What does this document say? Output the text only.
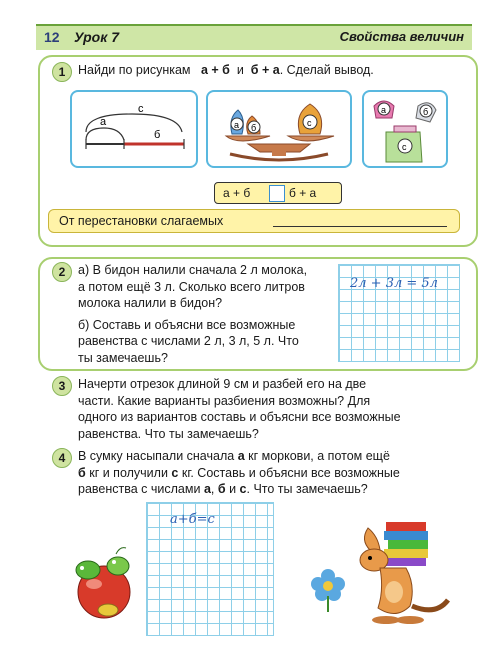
12 Урок 7	Свойства величин
1	Найди по рисункам а + б и б + а. Сделай вывод.
с
а
б
а б	с
а	б
с
а + б	б + а
От перестановки слагаемых
2	а) В бидон налили сначала 2 л молока,
а потом ещё 3 л. Сколько всего литров
молока налили в бидон?
б) Составь и объясни все возможные
равенства с числами 2 л, 3 л, 5 л. Что
ты замечаешь?
2л + 3л = 5л
3	Начерти отрезок длиной 9 см и разбей его на две
части. Какие варианты разбиения возможны? Для
одного из вариантов составь и объясни все возможные
равенства. Что ты замечаешь?
4	В сумку насыпали сначала а кг моркови, а потом ещё
б кг и получили с кг. Составь и объясни все возможные
равенства с числами а, б и с. Что ты замечаешь?
а+б=с
